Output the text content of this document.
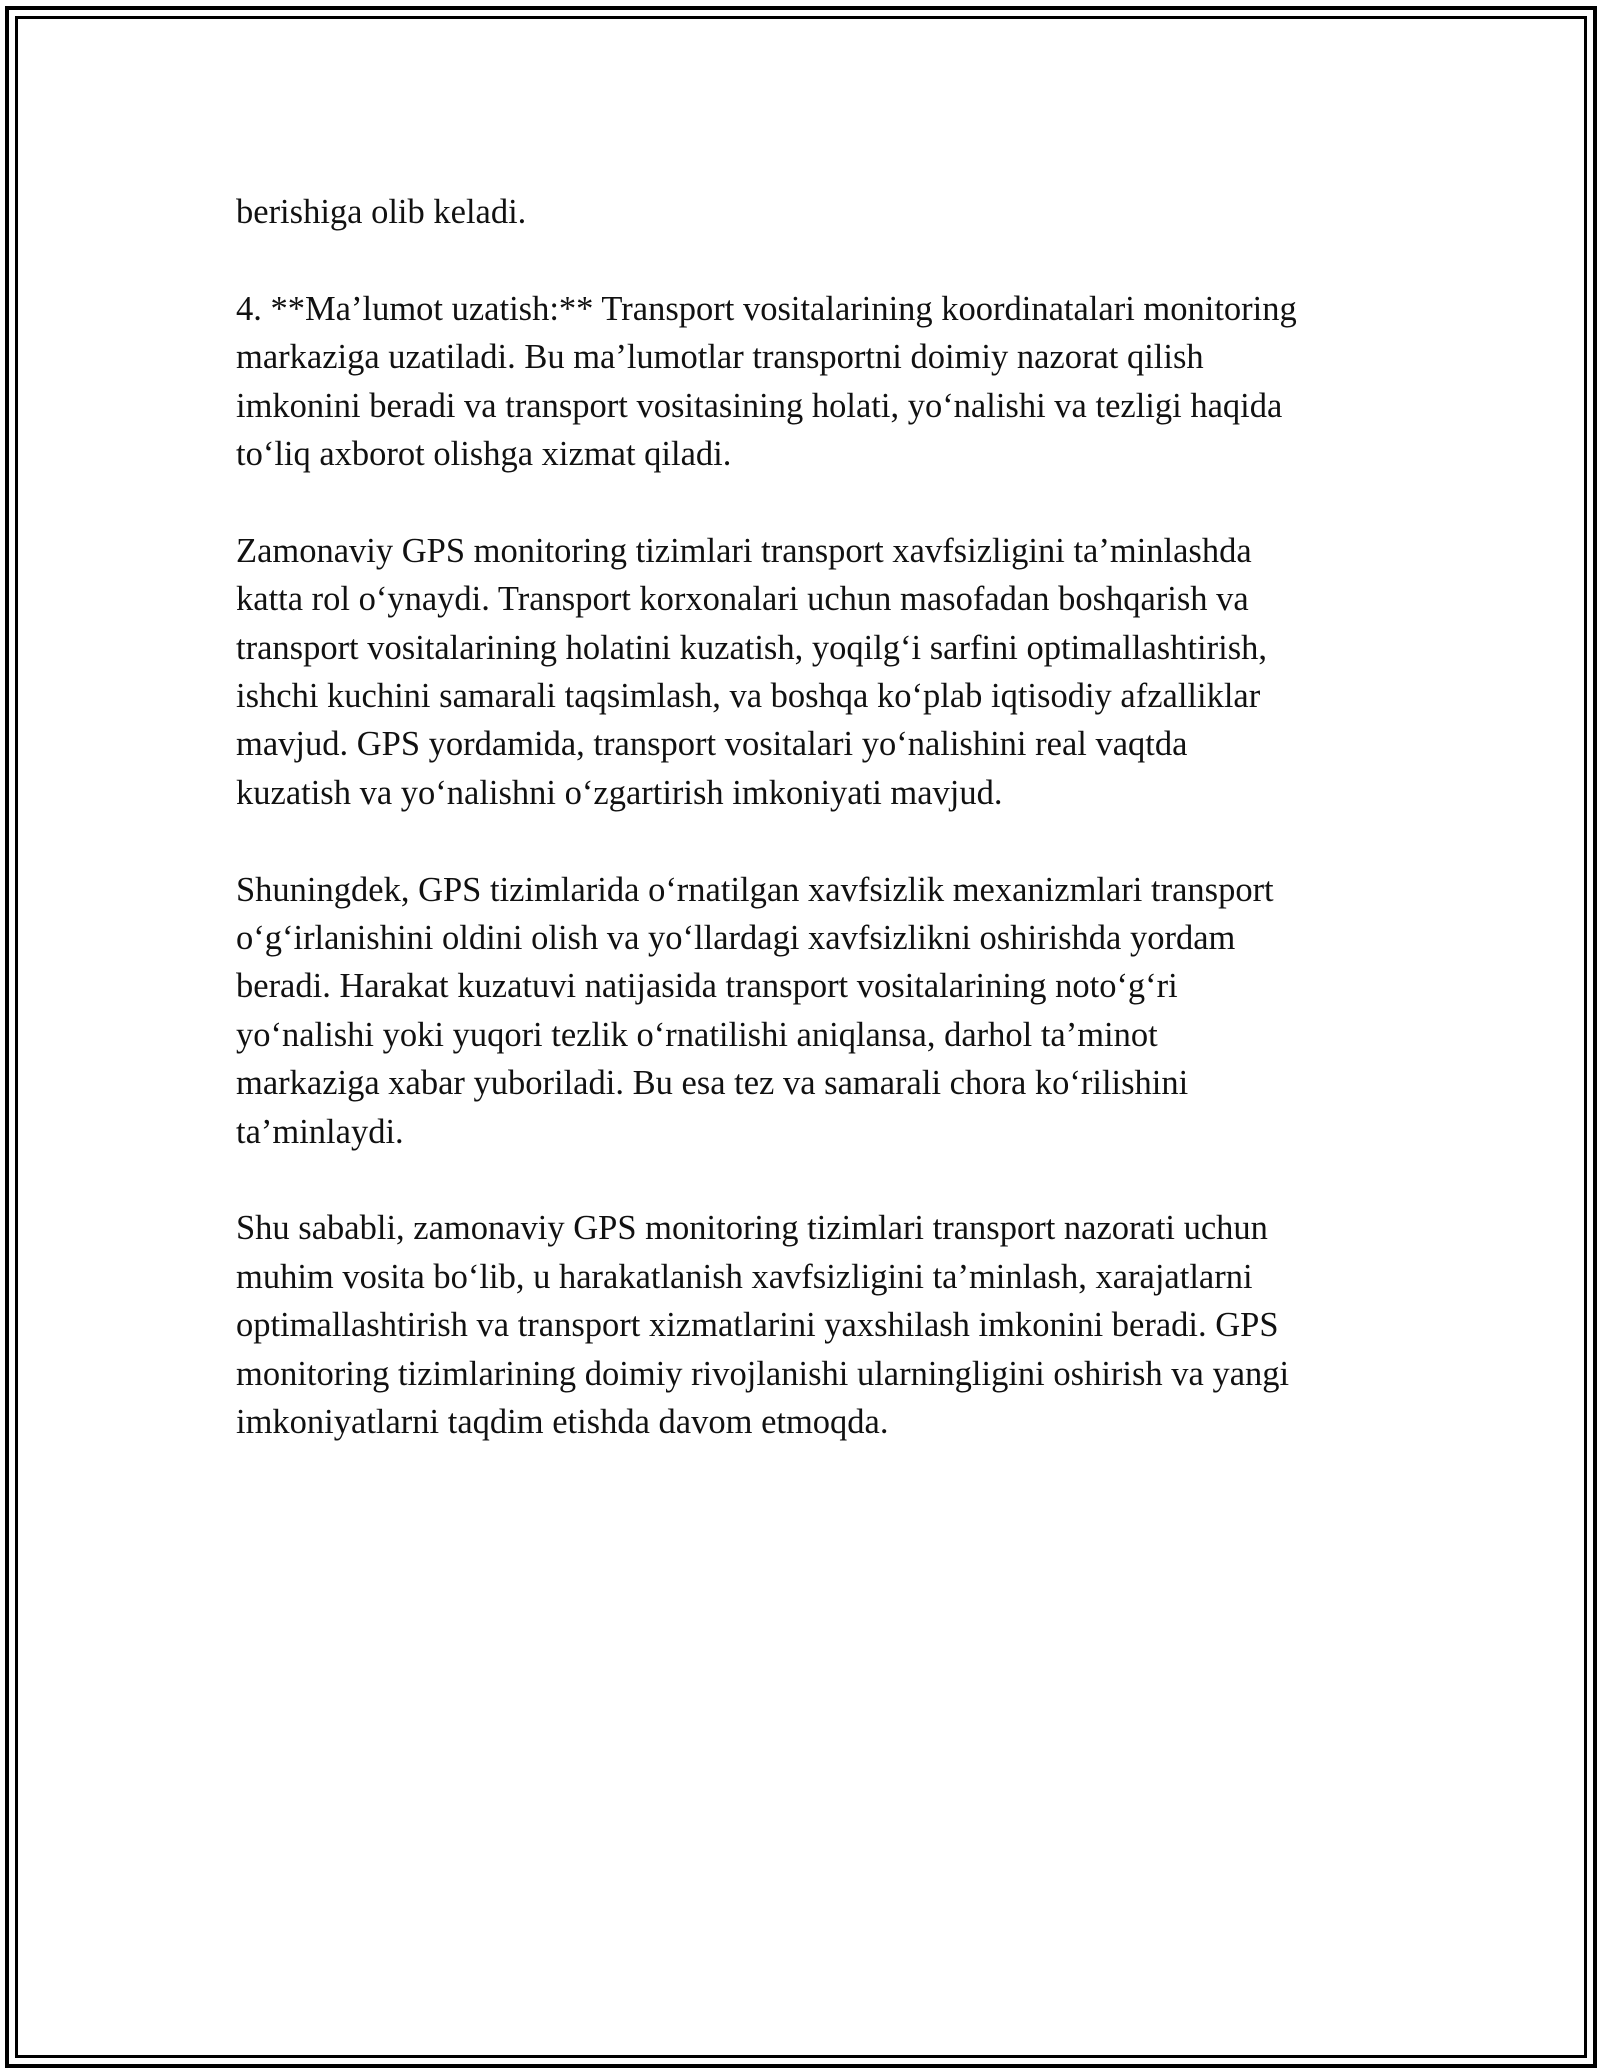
berishiga olib keladi.

4. **Ma’lumot uzatish:** Transport vositalarining koordinatalari monitoring
markaziga uzatiladi. Bu ma’lumotlar transportni doimiy nazorat qilish
imkonini beradi va transport vositasining holati, yo‘nalishi va tezligi haqida
to‘liq axborot olishga xizmat qiladi.

Zamonaviy GPS monitoring tizimlari transport xavfsizligini ta’minlashda
katta rol o‘ynaydi. Transport korxonalari uchun masofadan boshqarish va
transport vositalarining holatini kuzatish, yoqilg‘i sarfini optimallashtirish,
ishchi kuchini samarali taqsimlash, va boshqa ko‘plab iqtisodiy afzalliklar
mavjud. GPS yordamida, transport vositalari yo‘nalishini real vaqtda
kuzatish va yo‘nalishni o‘zgartirish imkoniyati mavjud.

Shuningdek, GPS tizimlarida o‘rnatilgan xavfsizlik mexanizmlari transport
o‘g‘irlanishini oldini olish va yo‘llardagi xavfsizlikni oshirishda yordam
beradi. Harakat kuzatuvi natijasida transport vositalarining noto‘g‘ri
yo‘nalishi yoki yuqori tezlik o‘rnatilishi aniqlansa, darhol ta’minot
markaziga xabar yuboriladi. Bu esa tez va samarali chora ko‘rilishini
ta’minlaydi.

Shu sababli, zamonaviy GPS monitoring tizimlari transport nazorati uchun
muhim vosita bo‘lib, u harakatlanish xavfsizligini ta’minlash, xarajatlarni
optimallashtirish va transport xizmatlarini yaxshilash imkonini beradi. GPS
monitoring tizimlarining doimiy rivojlanishi ularningligini oshirish va yangi
imkoniyatlarni taqdim etishda davom etmoqda.
